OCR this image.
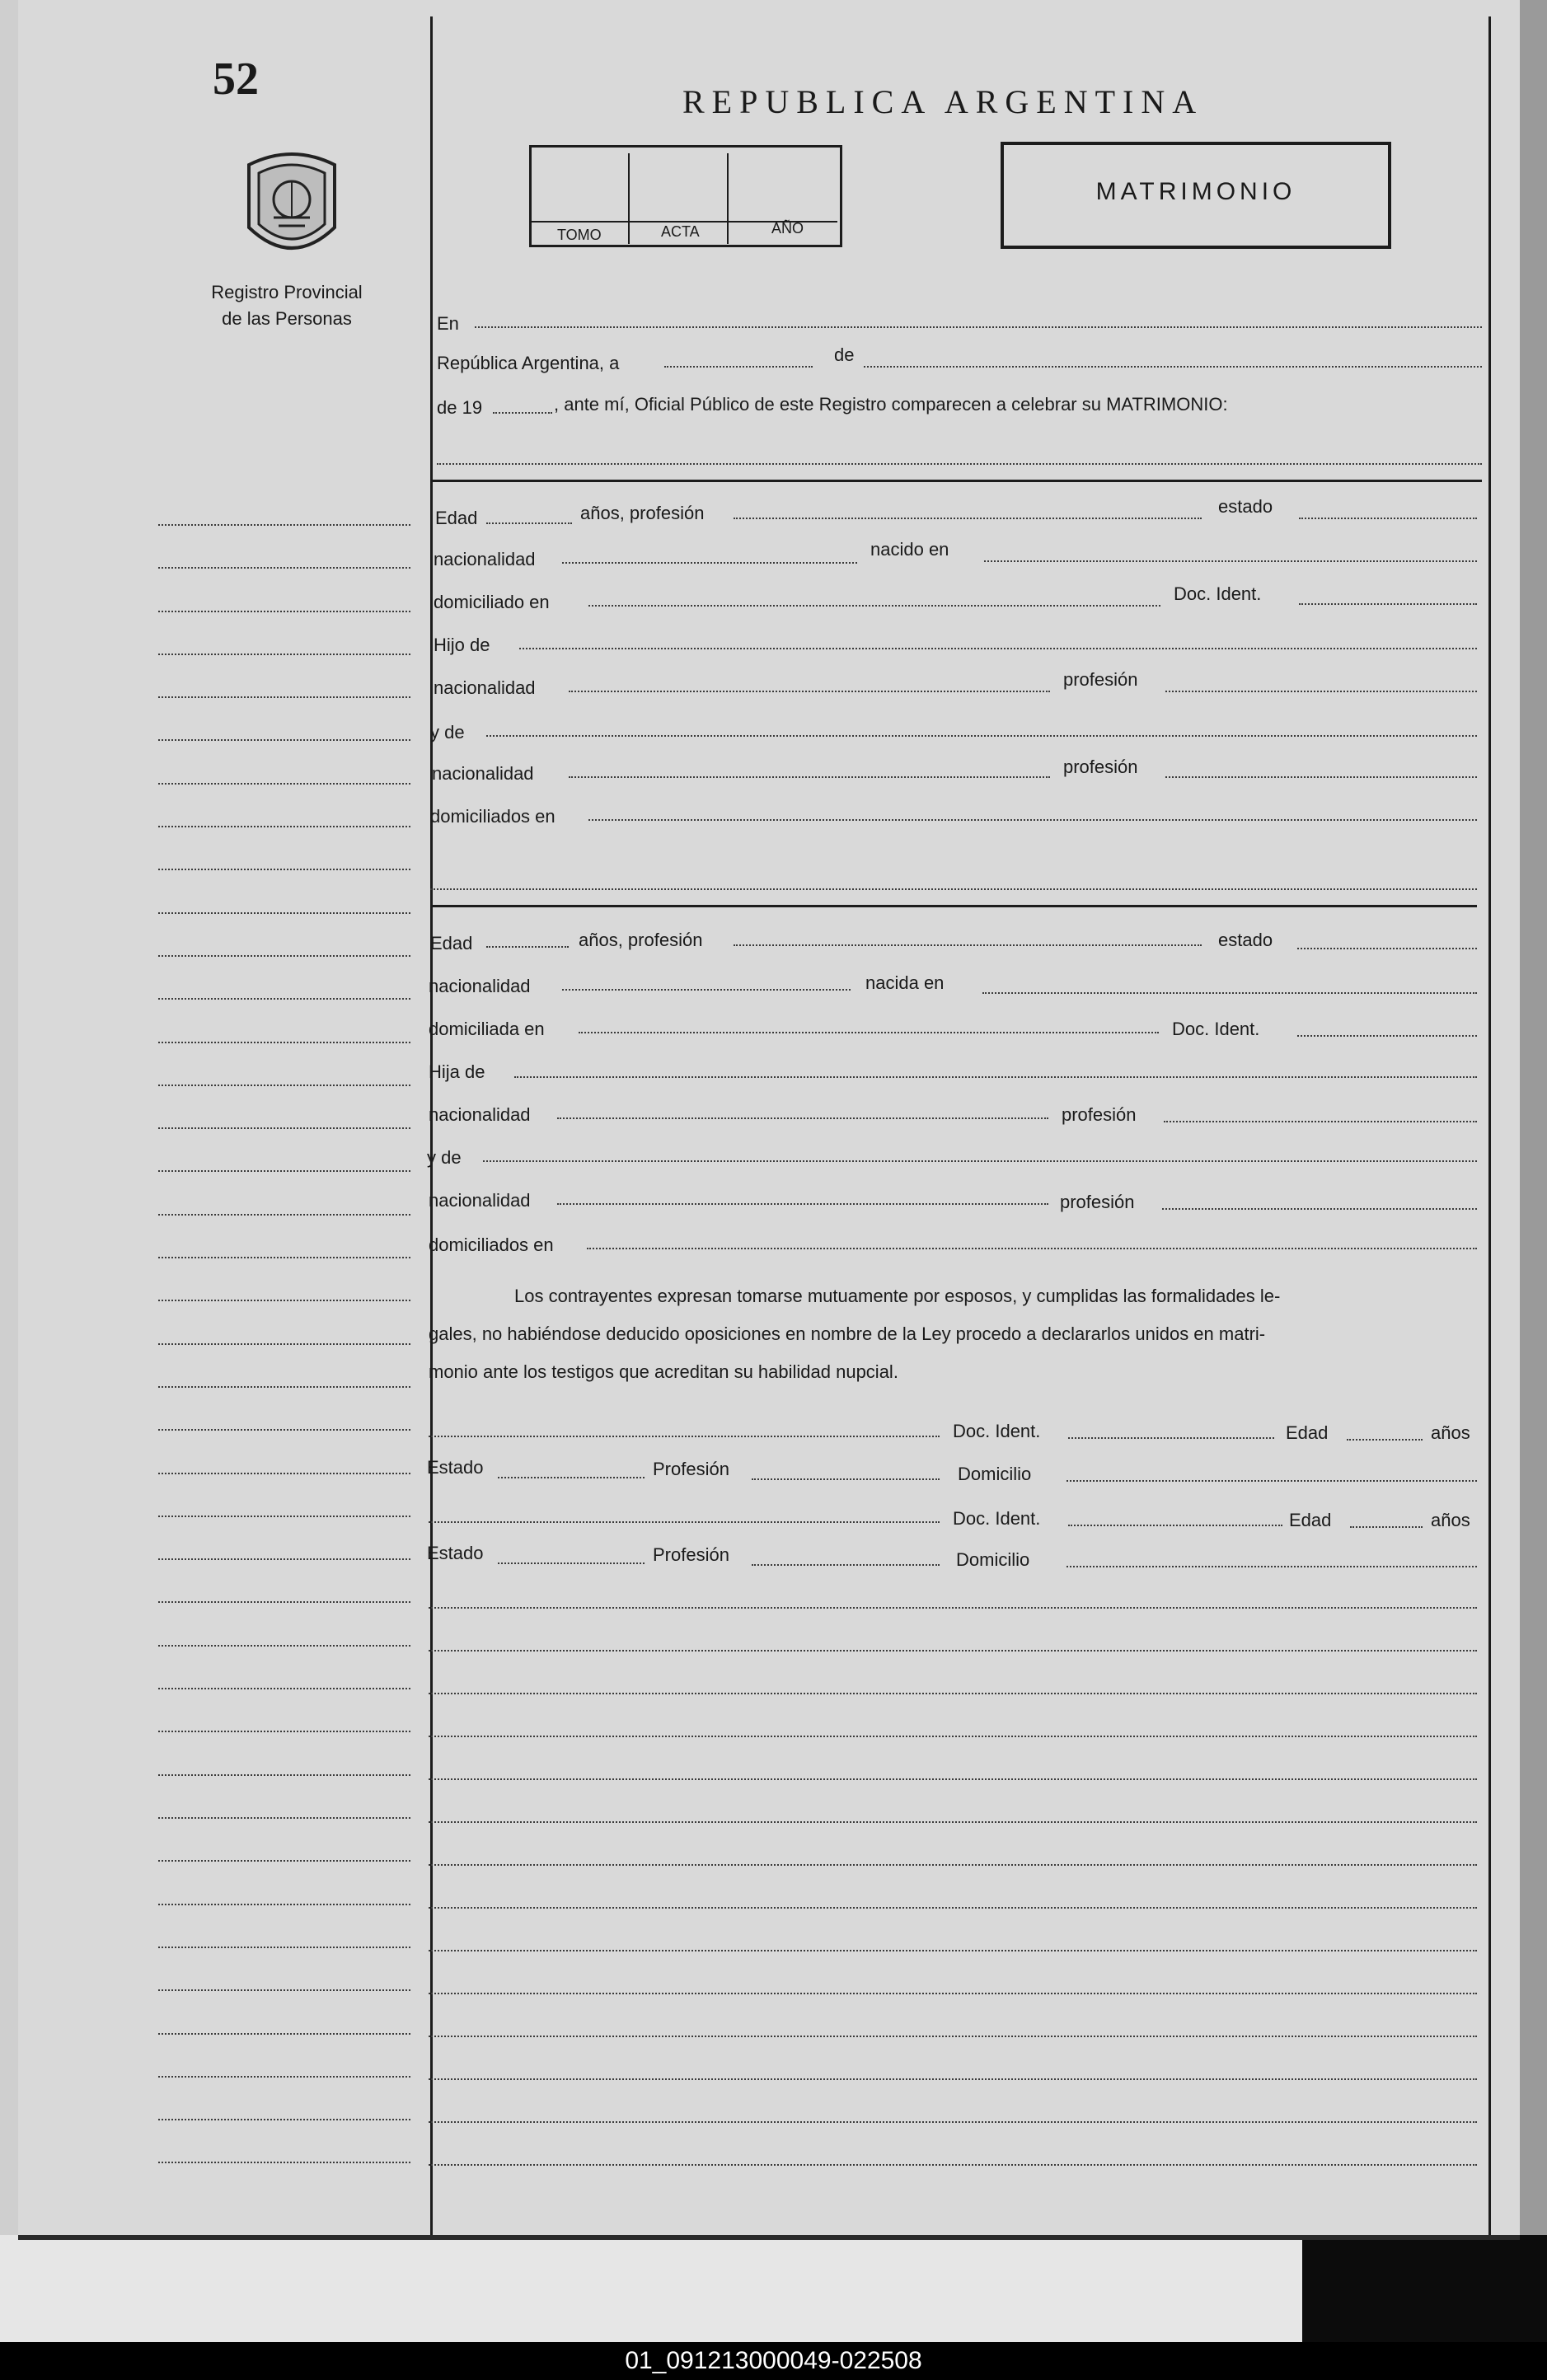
52
Registro Provincial
de las Personas
REPUBLICA ARGENTINA
TOMO	ACTA	AÑO
MATRIMONIO
En
República Argentina, a	de
de 19	, ante mí, Oficial Público de este Registro comparecen a celebrar su MATRIMONIO:
Edad	años, profesión	estado
nacionalidad	nacido en
domiciliado en	Doc. Ident.
Hijo de
nacionalidad	profesión
y de
nacionalidad	profesión
domiciliados en
Edad	años, profesión	estado
nacionalidad	nacida en
domiciliada en	Doc. Ident.
Hija de
nacionalidad	profesión
y de
nacionalidad	profesión
domiciliados en
Los contrayentes expresan tomarse mutuamente por esposos, y cumplidas las formalidades le-
gales, no habiéndose deducido oposiciones en nombre de la Ley procedo a declararlos unidos en matri-
monio ante los testigos que acreditan su habilidad nupcial.
Doc. Ident.	Edad	años
Estado	Profesión	Domicilio
Doc. Ident.	Edad	años
Estado	Profesión	Domicilio
01_091213000049-022508
